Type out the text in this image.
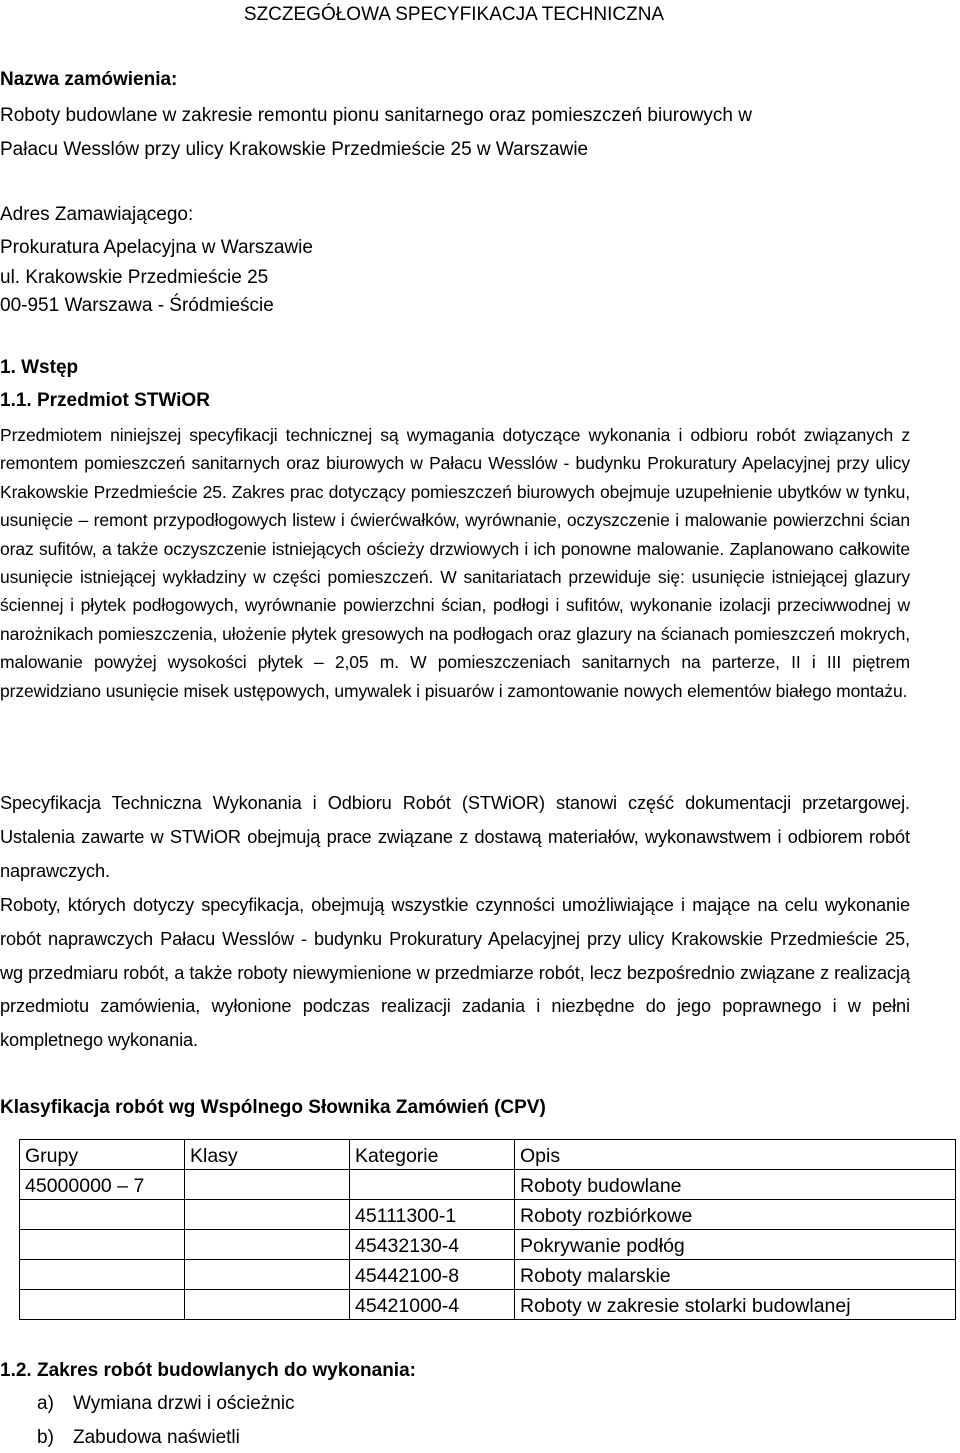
SZCZEGÓŁOWA SPECYFIKACJA TECHNICZNA
Nazwa zamówienia:
Roboty budowlane w zakresie remontu pionu sanitarnego oraz pomieszczeń biurowych w
Pałacu Wesslów przy ulicy Krakowskie Przedmieście 25 w Warszawie
Adres Zamawiającego:
Prokuratura Apelacyjna w Warszawie
ul. Krakowskie Przedmieście 25
00-951 Warszawa - Śródmieście
1. Wstęp
1.1. Przedmiot STWiOR
Przedmiotem niniejszej specyfikacji technicznej są wymagania dotyczące wykonania i odbioru robót związanych z remontem pomieszczeń sanitarnych oraz biurowych w Pałacu Wesslów - budynku Prokuratury Apelacyjnej przy ulicy Krakowskie Przedmieście 25. Zakres prac dotyczący pomieszczeń biurowych obejmuje uzupełnienie ubytków w tynku, usunięcie – remont przypodłogowych listew i ćwierćwałków, wyrównanie, oczyszczenie i malowanie powierzchni ścian oraz sufitów, a także oczyszczenie istniejących ościeży drzwiowych i ich ponowne malowanie. Zaplanowano całkowite usunięcie istniejącej wykładziny w części pomieszczeń. W sanitariatach przewiduje się: usunięcie istniejącej glazury ściennej i płytek podłogowych, wyrównanie powierzchni ścian, podłogi i sufitów, wykonanie izolacji przeciwwodnej w narożnikach pomieszczenia, ułożenie płytek gresowych na podłogach oraz glazury na ścianach pomieszczeń mokrych, malowanie powyżej wysokości płytek – 2,05 m. W pomieszczeniach sanitarnych na parterze, II i III piętrem przewidziano usunięcie misek ustępowych, umywalek i pisuarów i zamontowanie nowych elementów białego montażu.
Specyfikacja Techniczna Wykonania i Odbioru Robót (STWiOR) stanowi część dokumentacji przetargowej. Ustalenia zawarte w STWiOR obejmują prace związane z dostawą materiałów, wykonawstwem i odbiorem robót naprawczych.
Roboty, których dotyczy specyfikacja, obejmują wszystkie czynności umożliwiające i mające na celu wykonanie robót naprawczych Pałacu Wesslów - budynku Prokuratury Apelacyjnej przy ulicy Krakowskie Przedmieście 25, wg przedmiaru robót, a także roboty niewymienione w przedmiarze robót, lecz bezpośrednio związane z realizacją przedmiotu zamówienia, wyłonione podczas realizacji zadania i niezbędne do jego poprawnego i w pełni kompletnego wykonania.
Klasyfikacja robót wg Wspólnego Słownika Zamówień (CPV)
Grupy	Klasy	Kategorie	Opis
45000000 – 7			Roboty budowlane
		45111300-1	Roboty rozbiórkowe
		45432130-4	Pokrywanie podłóg
		45442100-8	Roboty malarskie
		45421000-4	Roboty w zakresie stolarki budowlanej
1.2. Zakres robót budowlanych do wykonania:
a) Wymiana drzwi i ościeżnic
b) Zabudowa naświetli
